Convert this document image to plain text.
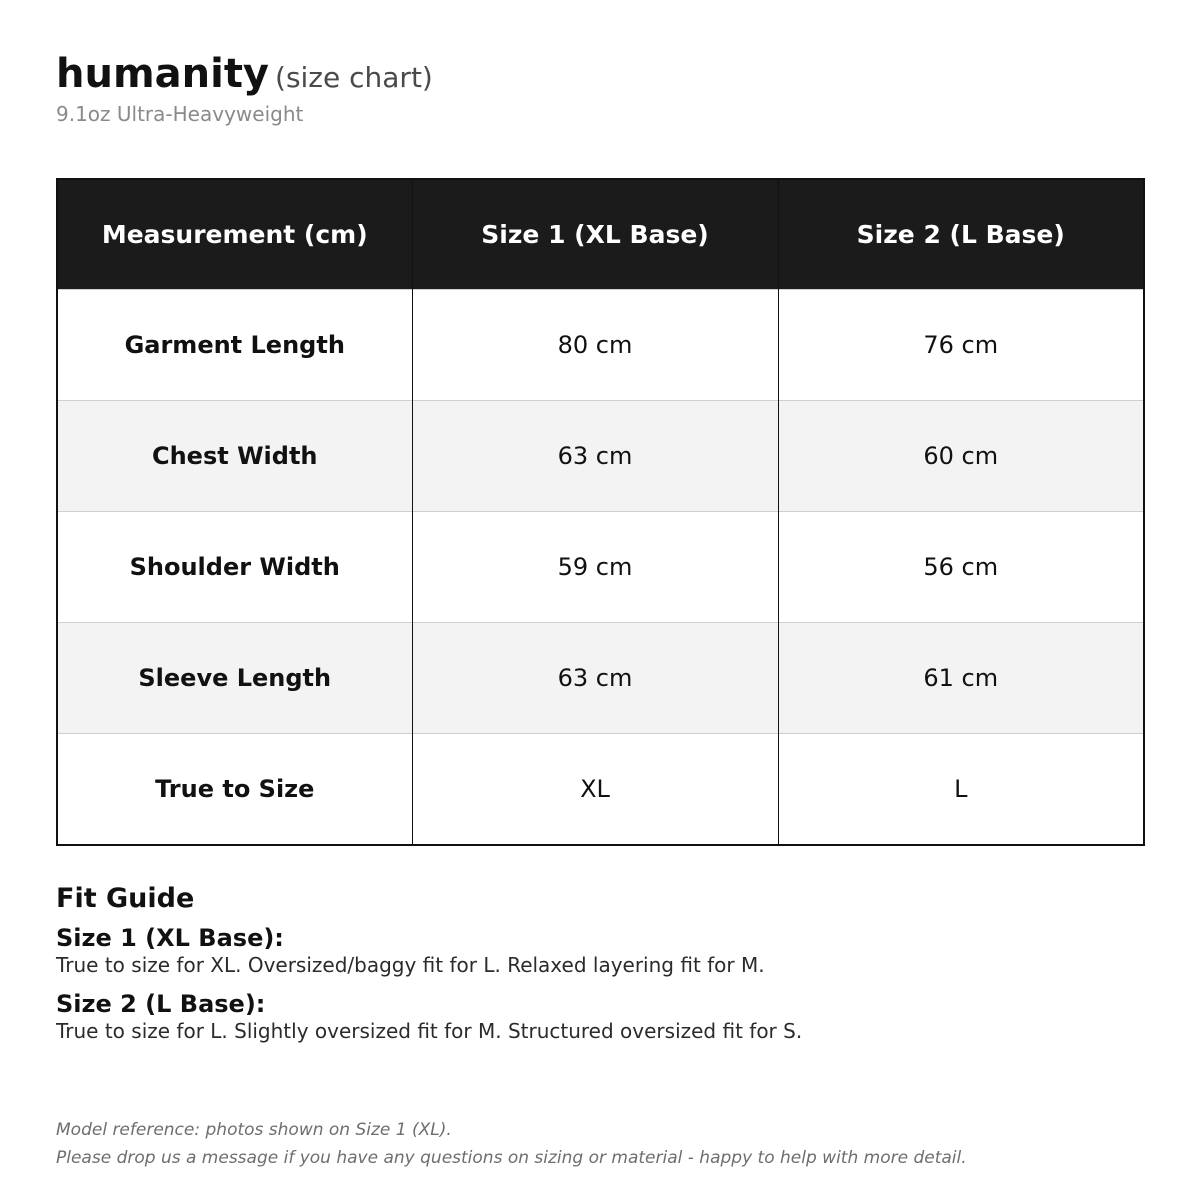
humanity (size chart)
9.1oz Ultra-Heavyweight
Measurement (cm)	Size 1 (XL Base)	Size 2 (L Base)
Garment Length	80 cm	76 cm
Chest Width	63 cm	60 cm
Shoulder Width	59 cm	56 cm
Sleeve Length	63 cm	61 cm
True to Size	XL	L
Fit Guide
Size 1 (XL Base):
True to size for XL. Oversized/baggy fit for L. Relaxed layering fit for M.
Size 2 (L Base):
True to size for L. Slightly oversized fit for M. Structured oversized fit for S.
Model reference: photos shown on Size 1 (XL).
Please drop us a message if you have any questions on sizing or material - happy to help with more detail.
